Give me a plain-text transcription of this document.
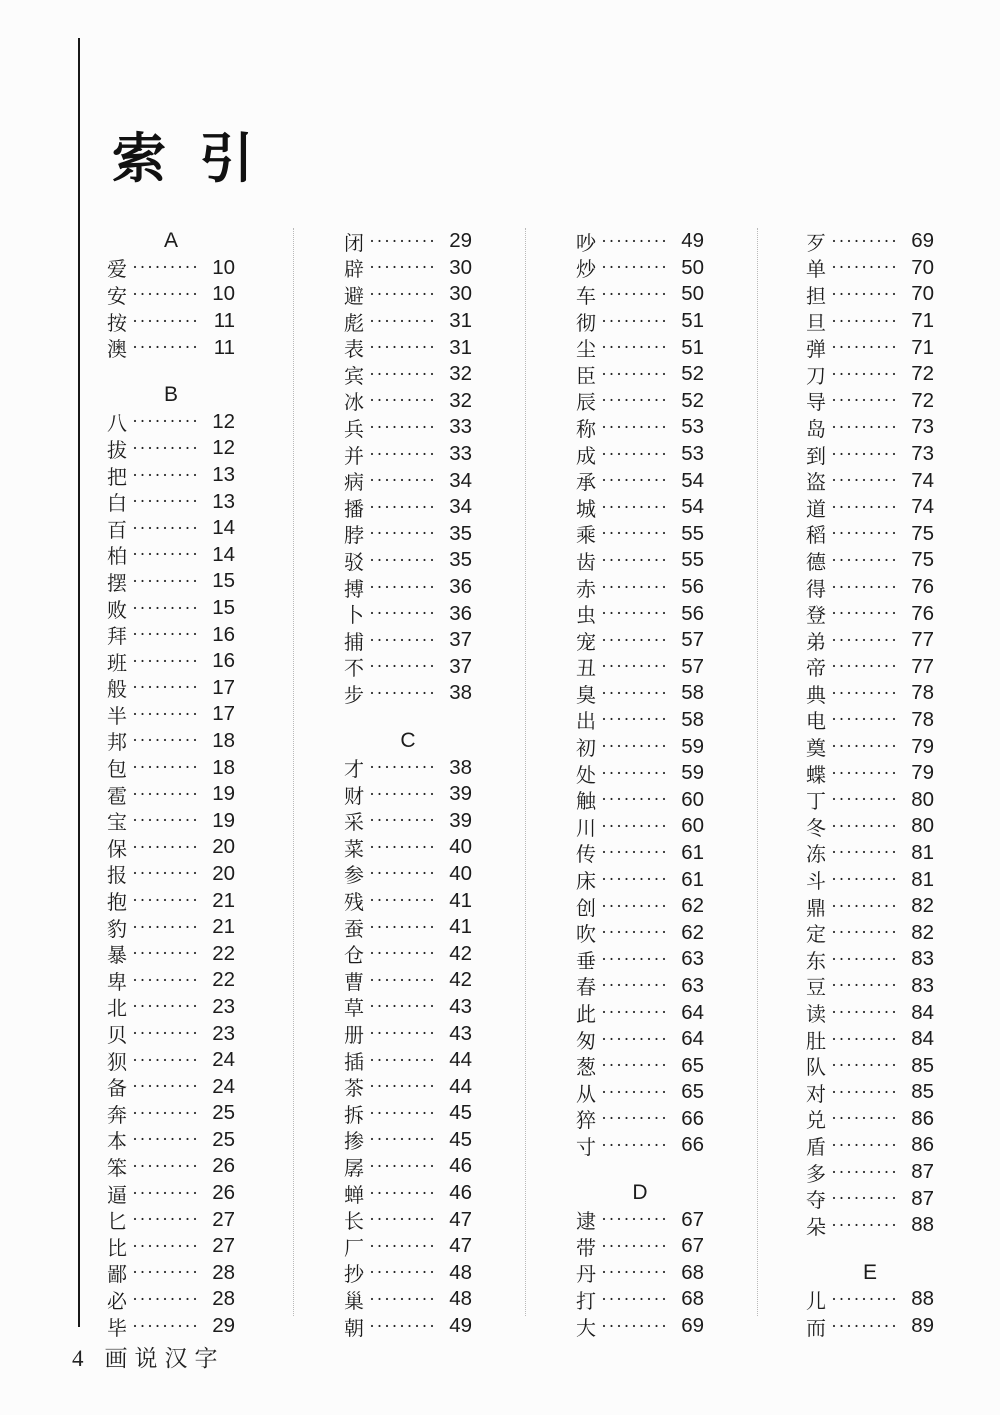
索 引
A
爱 ········· 10
安 ········· 10
按 ········· 11
澳 ········· 11
B
八 ········· 12
拔 ········· 12
把 ········· 13
白 ········· 13
百 ········· 14
柏 ········· 14
摆 ········· 15
败 ········· 15
拜 ········· 16
班 ········· 16
般 ········· 17
半 ········· 17
邦 ········· 18
包 ········· 18
雹 ········· 19
宝 ········· 19
保 ········· 20
报 ········· 20
抱 ········· 21
豹 ········· 21
暴 ········· 22
卑 ········· 22
北 ········· 23
贝 ········· 23
狈 ········· 24
备 ········· 24
奔 ········· 25
本 ········· 25
笨 ········· 26
逼 ········· 26
匕 ········· 27
比 ········· 27
鄙 ········· 28
必 ········· 28
毕 ········· 29
闭 ········· 29
辟 ········· 30
避 ········· 30
彪 ········· 31
表 ········· 31
宾 ········· 32
冰 ········· 32
兵 ········· 33
并 ········· 33
病 ········· 34
播 ········· 34
脖 ········· 35
驳 ········· 35
搏 ········· 36
卜 ········· 36
捕 ········· 37
不 ········· 37
步 ········· 38
C
才 ········· 38
财 ········· 39
采 ········· 39
菜 ········· 40
参 ········· 40
残 ········· 41
蚕 ········· 41
仓 ········· 42
曹 ········· 42
草 ········· 43
册 ········· 43
插 ········· 44
茶 ········· 44
拆 ········· 45
掺 ········· 45
孱 ········· 46
蝉 ········· 46
长 ········· 47
厂 ········· 47
抄 ········· 48
巢 ········· 48
朝 ········· 49
吵 ········· 49
炒 ········· 50
车 ········· 50
彻 ········· 51
尘 ········· 51
臣 ········· 52
辰 ········· 52
称 ········· 53
成 ········· 53
承 ········· 54
城 ········· 54
乘 ········· 55
齿 ········· 55
赤 ········· 56
虫 ········· 56
宠 ········· 57
丑 ········· 57
臭 ········· 58
出 ········· 58
初 ········· 59
处 ········· 59
触 ········· 60
川 ········· 60
传 ········· 61
床 ········· 61
创 ········· 62
吹 ········· 62
垂 ········· 63
春 ········· 63
此 ········· 64
匆 ········· 64
葱 ········· 65
从 ········· 65
猝 ········· 66
寸 ········· 66
D
逮 ········· 67
带 ········· 67
丹 ········· 68
打 ········· 68
大 ········· 69
歹 ········· 69
单 ········· 70
担 ········· 70
旦 ········· 71
弹 ········· 71
刀 ········· 72
导 ········· 72
岛 ········· 73
到 ········· 73
盗 ········· 74
道 ········· 74
稻 ········· 75
德 ········· 75
得 ········· 76
登 ········· 76
弟 ········· 77
帝 ········· 77
典 ········· 78
电 ········· 78
奠 ········· 79
蝶 ········· 79
丁 ········· 80
冬 ········· 80
冻 ········· 81
斗 ········· 81
鼎 ········· 82
定 ········· 82
东 ········· 83
豆 ········· 83
读 ········· 84
肚 ········· 84
队 ········· 85
对 ········· 85
兑 ········· 86
盾 ········· 86
多 ········· 87
夺 ········· 87
朵 ········· 88
E
儿 ········· 88
而 ········· 89
4 画说汉字
